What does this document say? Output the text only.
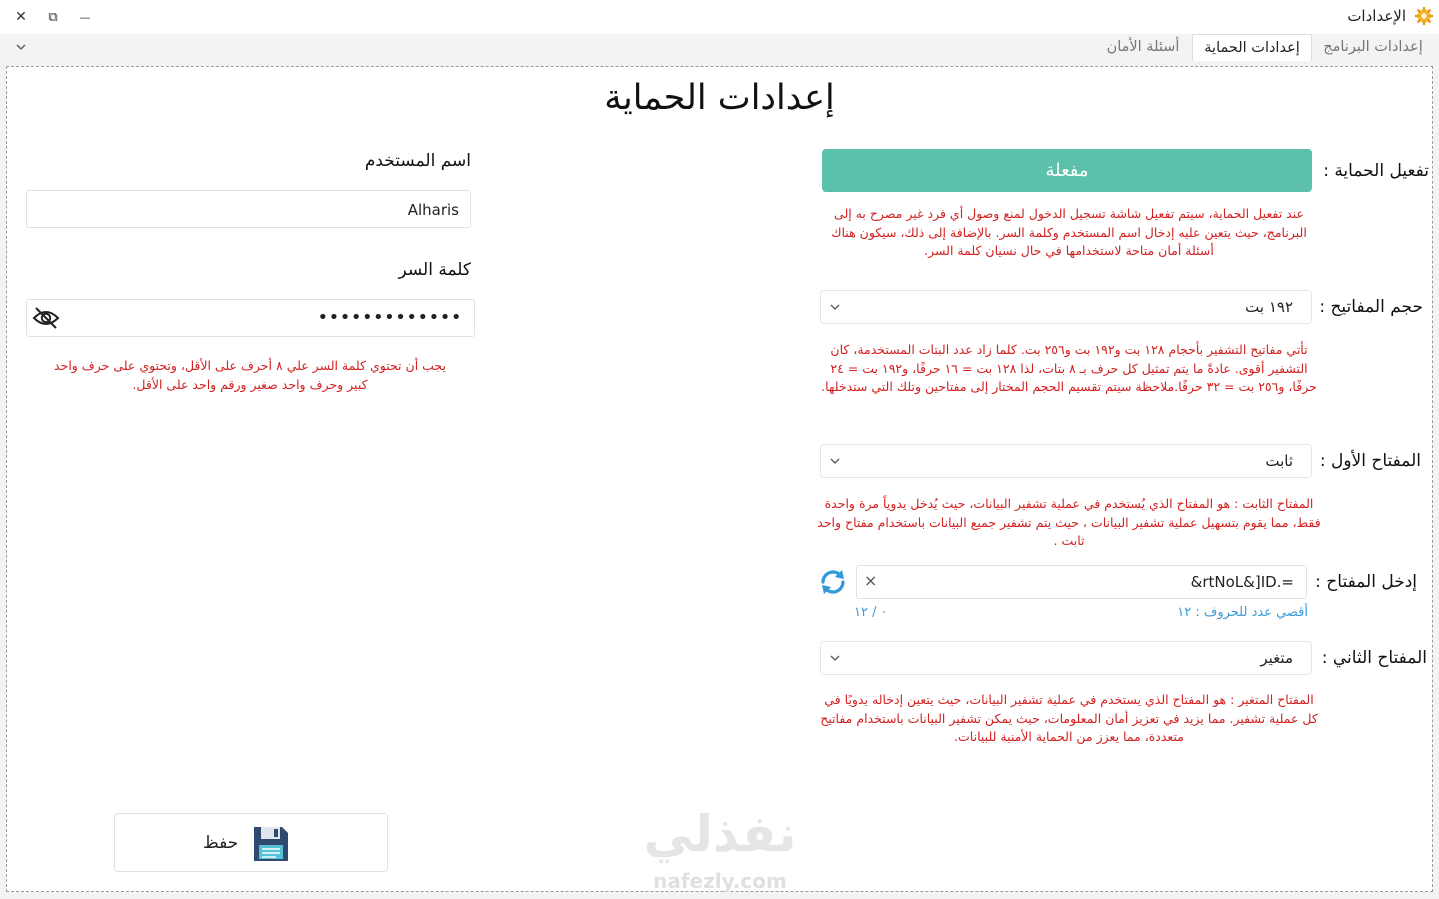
الإعدادات
✕	⧉	—
إعدادات البرنامج
إعدادات الحماية
أسئلة الأمان
إعدادات الحماية
تفعيل الحماية :
مفعلة
عند تفعيل الحماية، سيتم تفعيل شاشة تسجيل الدخول لمنع وصول أي فرد غير مصرح به إلى البرنامج، حيث يتعين عليه إدخال اسم المستخدم وكلمة السر. بالإضافة إلى ذلك، سيكون هناك أسئلة أمان متاحة لاستخدامها في حال نسيان كلمة السر.
حجم المفاتيح :
١٩٢ بت
تأتي مفاتيح التشفير بأحجام ١٢٨ بت و١٩٢ بت و٢٥٦ بت. كلما زاد عدد البتات المستخدمة، كان التشفير أقوى. عادةً ما يتم تمثيل كل حرف بـ ٨ بتات، لذا ١٢٨ بت = ١٦ حرفًا، و١٩٢ بت = ٢٤ حرفًا، و٢٥٦ بت = ٣٢ حرفًا.ملاحظة سيتم تقسيم الحجم المختار إلى مفتاحين وتلك التي ستدخلها.
المفتاح الأول :
ثابت
المفتاح الثابت : هو المفتاح الذي يُستخدم في عملية تشفير البيانات، حيث يُدخل يدوياً مرة واحدة فقط، مما يقوم بتسهيل عملية تشفير البيانات ، حيث يتم تشفير جميع البيانات باستخدام مفتاح واحد ثابت .
إدخل المفتاح :
&rtNoL&]ID.=
×
أقصي عدد للحروف : ١٢
٠ / ١٢
المفتاح الثاني :
متغير
المفتاح المتغير : هو المفتاح الذي يستخدم في عملية تشفير البيانات، حيث يتعين إدخاله يدويًا في كل عملية تشفير. مما يزيد في تعزيز أمان المعلومات، حيث يمكن تشفير البيانات باستخدام مفاتيح متعددة، مما يعزز من الحماية الأمنية للبيانات.
اسم المستخدم
Alharis
كلمة السر
•••••••••••••
يجب أن تحتوي كلمة السر علي ٨ أحرف على الأقل، وتحتوي على حرف واحد كبير وحرف واحد صغير ورقم واحد على الأقل.
حفظ	نفذلي
nafezly.com
